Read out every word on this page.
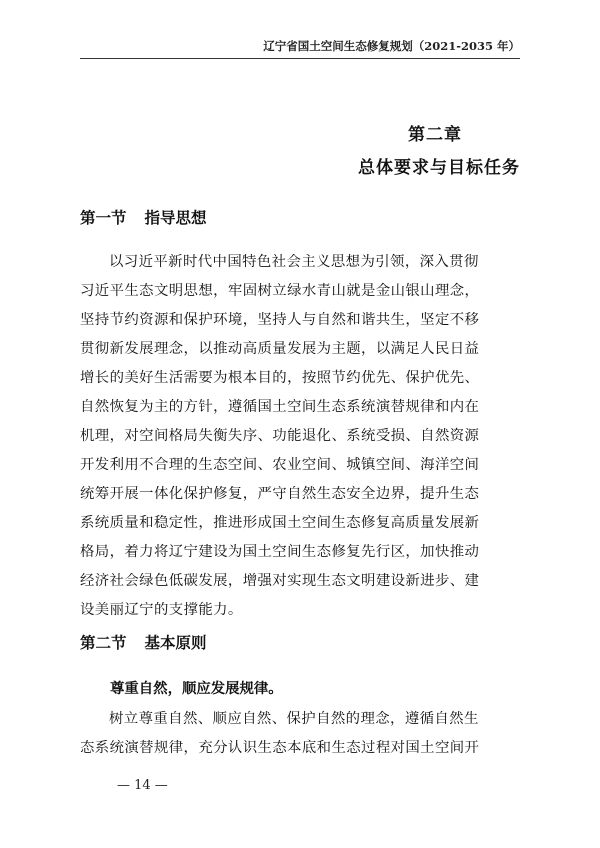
辽宁省国土空间生态修复规划（2021-2035 年）
第二章
总体要求与目标任务
第一节 指导思想
以习近平新时代中国特色社会主义思想为引领，深入贯彻
习近平生态文明思想，牢固树立绿水青山就是金山银山理念，
坚持节约资源和保护环境，坚持人与自然和谐共生，坚定不移
贯彻新发展理念，以推动高质量发展为主题，以满足人民日益
增长的美好生活需要为根本目的，按照节约优先、保护优先、
自然恢复为主的方针，遵循国土空间生态系统演替规律和内在
机理，对空间格局失衡失序、功能退化、系统受损、自然资源
开发利用不合理的生态空间、农业空间、城镇空间、海洋空间
统筹开展一体化保护修复，严守自然生态安全边界，提升生态
系统质量和稳定性，推进形成国土空间生态修复高质量发展新
格局，着力将辽宁建设为国土空间生态修复先行区，加快推动
经济社会绿色低碳发展，增强对实现生态文明建设新进步、建
设美丽辽宁的支撑能力。
第二节 基本原则
尊重自然，顺应发展规律。
树立尊重自然、顺应自然、保护自然的理念，遵循自然生
态系统演替规律，充分认识生态本底和生态过程对国土空间开
— 14 —
